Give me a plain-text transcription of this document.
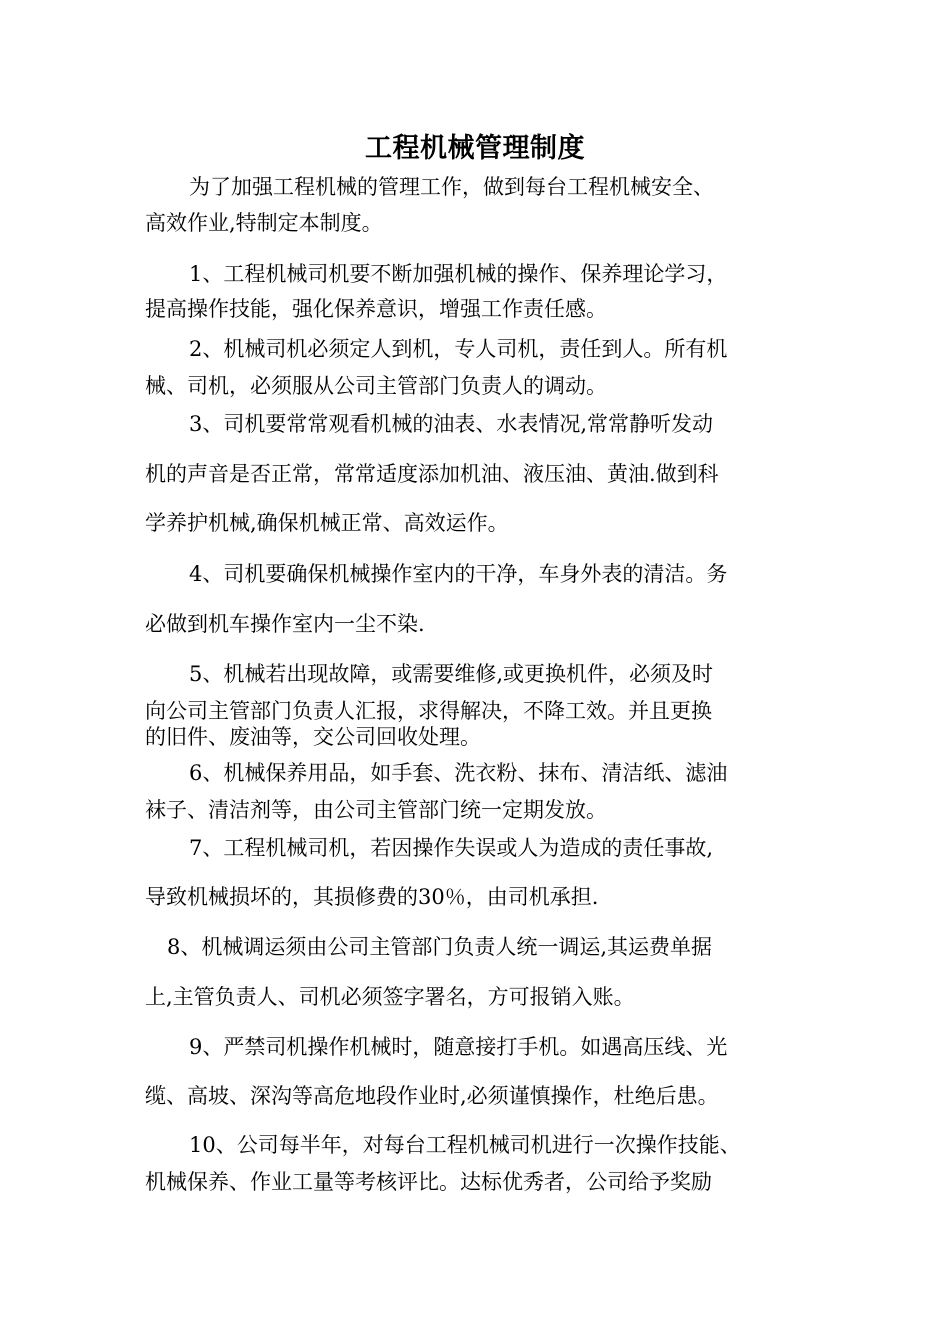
工程机械管理制度

为了加强工程机械的管理工作，做到每台工程机械安全、

高效作业,特制定本制度。

1、工程机械司机要不断加强机械的操作、保养理论学习，

提高操作技能，强化保养意识，增强工作责任感。

2、机械司机必须定人到机，专人司机，责任到人。所有机

械、司机，必须服从公司主管部门负责人的调动。

3、司机要常常观看机械的油表、水表情况,常常静听发动

机的声音是否正常，常常适度添加机油、液压油、黄油.做到科

学养护机械,确保机械正常、高效运作。

4、司机要确保机械操作室内的干净，车身外表的清洁。务

必做到机车操作室内一尘不染.

5、机械若出现故障，或需要维修,或更换机件，必须及时

向公司主管部门负责人汇报，求得解决，不降工效。并且更换

的旧件、废油等，交公司回收处理。

6、机械保养用品，如手套、洗衣粉、抹布、清洁纸、滤油

袜子、清洁剂等，由公司主管部门统一定期发放。

7、工程机械司机，若因操作失误或人为造成的责任事故,

导致机械损坏的，其损修费的30％，由司机承担.

8、机械调运须由公司主管部门负责人统一调运,其运费单据

上,主管负责人、司机必须签字署名，方可报销入账。

9、严禁司机操作机械时，随意接打手机。如遇高压线、光

缆、高坡、深沟等高危地段作业时,必须谨慎操作，杜绝后患。

10、公司每半年，对每台工程机械司机进行一次操作技能、

机械保养、作业工量等考核评比。达标优秀者，公司给予奖励
